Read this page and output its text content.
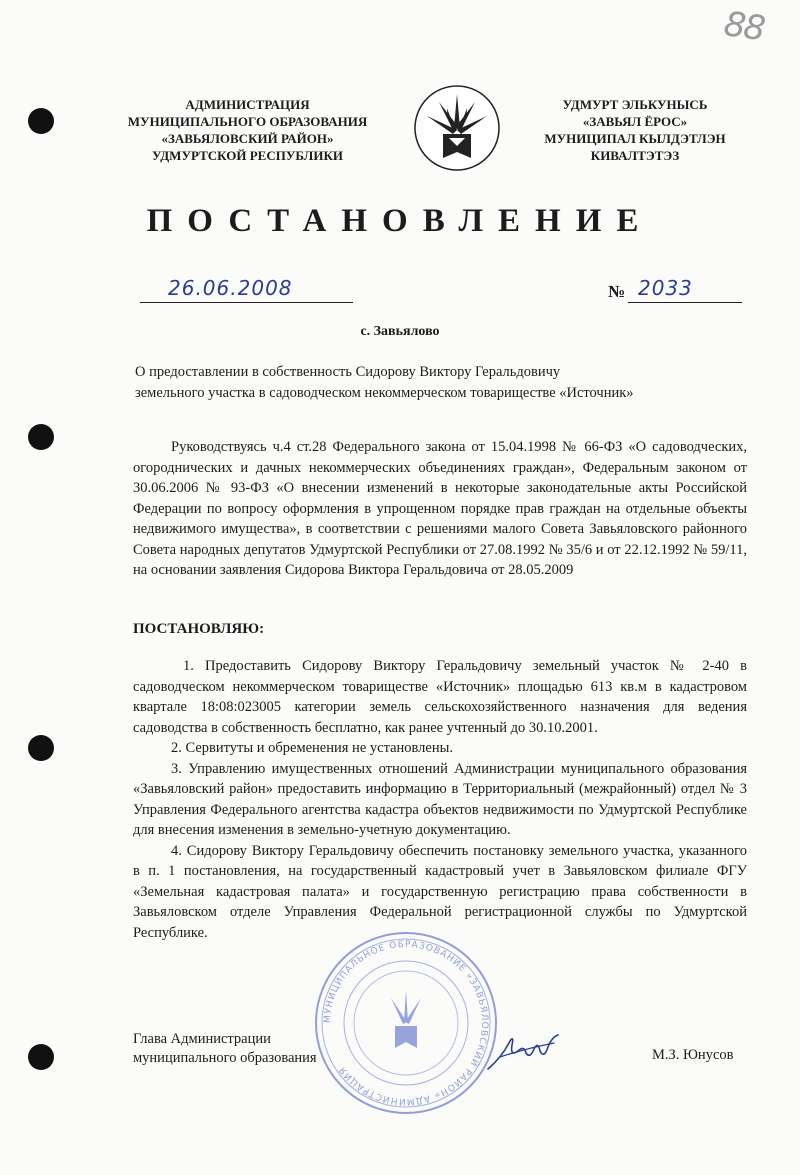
88
АДМИНИСТРАЦИЯ
МУНИЦИПАЛЬНОГО ОБРАЗОВАНИЯ
«ЗАВЬЯЛОВСКИЙ РАЙОН»
УДМУРТСКОЙ РЕСПУБЛИКИ
УДМУРТ ЭЛЬКУНЫСЬ
«ЗАВЬЯЛ ЁРОС»
МУНИЦИПАЛ КЫЛДЭТЛЭН
КИВАЛТЭТЭЗ
ПОСТАНОВЛЕНИЕ
26.06.2008	№ 2033
с. Завьялово

О предоставлении в собственность Сидорову Виктору Геральдовичу

земельного участка в садоводческом некоммерческом товариществе «Источник»

Руководствуясь ч.4 ст.28 Федерального закона от 15.04.1998 № 66-ФЗ «О садоводческих, огороднических и дачных некоммерческих объединениях граждан», Федеральным законом от 30.06.2006 № 93-ФЗ «О внесении изменений в некоторые законодательные акты Российской Федерации по вопросу оформления в упрощенном порядке прав граждан на отдельные объекты недвижимого имущества», в соответствии с решениями малого Совета Завьяловского районного Совета народных депутатов Удмуртской Республики от 27.08.1992 № 35/6 и от 22.12.1992 № 59/11, на основании заявления Сидорова Виктора Геральдовича от 28.05.2009

ПОСТАНОВЛЯЮ:

1. Предоставить Сидорову Виктору Геральдовичу земельный участок № 2-40 в садоводческом некоммерческом товариществе «Источник» площадью 613 кв.м в кадастровом квартале 18:08:023005 категории земель сельскохозяйственного назначения для ведения садоводства в собственность бесплатно, как ранее учтенный до 30.10.2001.

2. Сервитуты и обременения не установлены.

3. Управлению имущественных отношений Администрации муниципального образования «Завьяловский район» предоставить информацию в Территориальный (межрайонный) отдел № 3 Управления Федерального агентства кадастра объектов недвижимости по Удмуртской Республике для внесения изменения в земельно-учетную документацию.

4. Сидорову Виктору Геральдовичу обеспечить постановку земельного участка, указанного в п. 1 постановления, на государственный кадастровый учет в Завьяловском филиале ФГУ «Земельная кадастровая палата» и государственную регистрацию права собственности в Завьяловском отделе Управления Федеральной регистрационной службы по Удмуртской Республике.

МУНИЦИПАЛЬНОЕ ОБРАЗОВАНИЕ «ЗАВЬЯЛОВСКИЙ РАЙОН» АДМИНИСТРАЦИЯ
Глава Администрации
муниципального образования	М.З. Юнусов
